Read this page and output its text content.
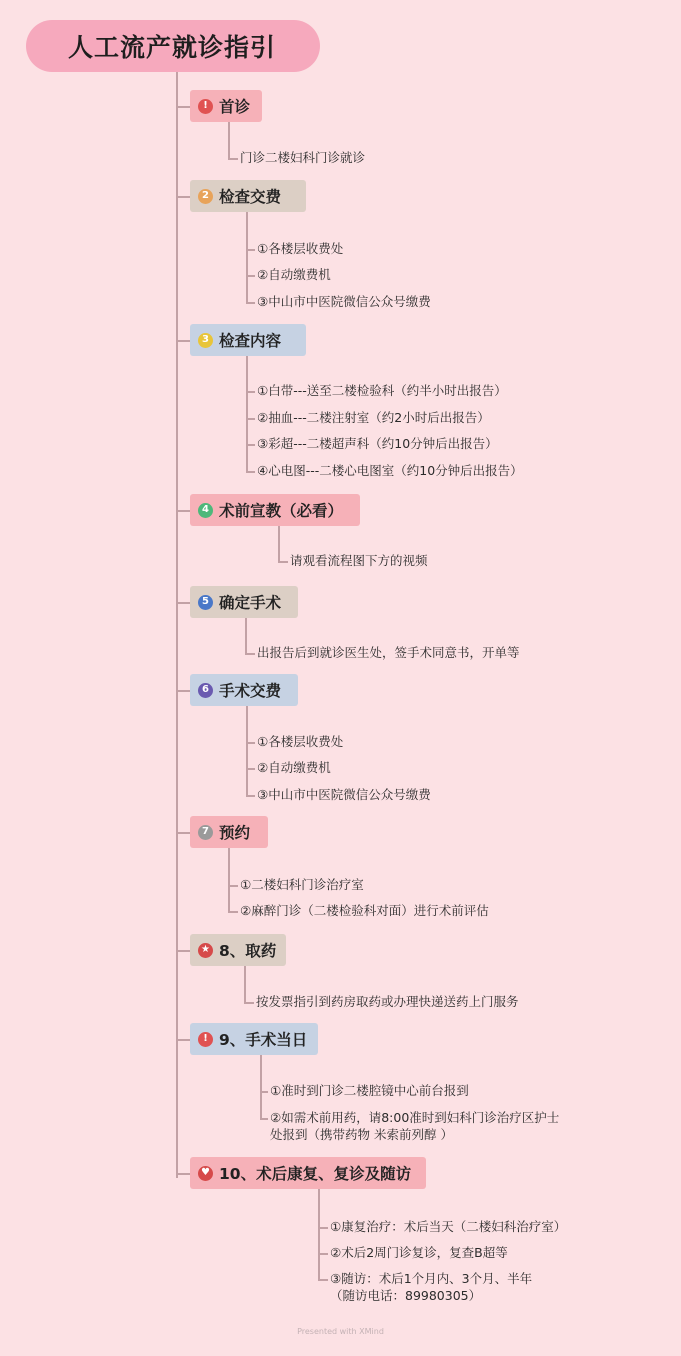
人工流产就诊指引
! 首诊
门诊二楼妇科门诊就诊
2 检查交费
①各楼层收费处
②自动缴费机
③中山市中医院微信公众号缴费
3 检查内容
①白带---送至二楼检验科（约半小时出报告）
②抽血---二楼注射室（约2小时后出报告）
③彩超---二楼超声科（约10分钟后出报告）
④心电图---二楼心电图室（约10分钟后出报告）
4 术前宣教（必看）
请观看流程图下方的视频
5 确定手术
出报告后到就诊医生处，签手术同意书，开单等
6 手术交费
①各楼层收费处
②自动缴费机
③中山市中医院微信公众号缴费
7 预约
①二楼妇科门诊治疗室
②麻醉门诊（二楼检验科对面）进行术前评估
★ 8、取药
按发票指引到药房取药或办理快递送药上门服务
! 9、手术当日
①准时到门诊二楼腔镜中心前台报到
②如需术前用药，请8:00准时到妇科门诊治疗区护士
处报到（携带药物 米索前列醇 ）
♥ 10、术后康复、复诊及随访
①康复治疗：术后当天（二楼妇科治疗室）
②术后2周门诊复诊，复查B超等
③随访：术后1个月内、3个月、半年
（随访电话：89980305）
Presented with XMind
